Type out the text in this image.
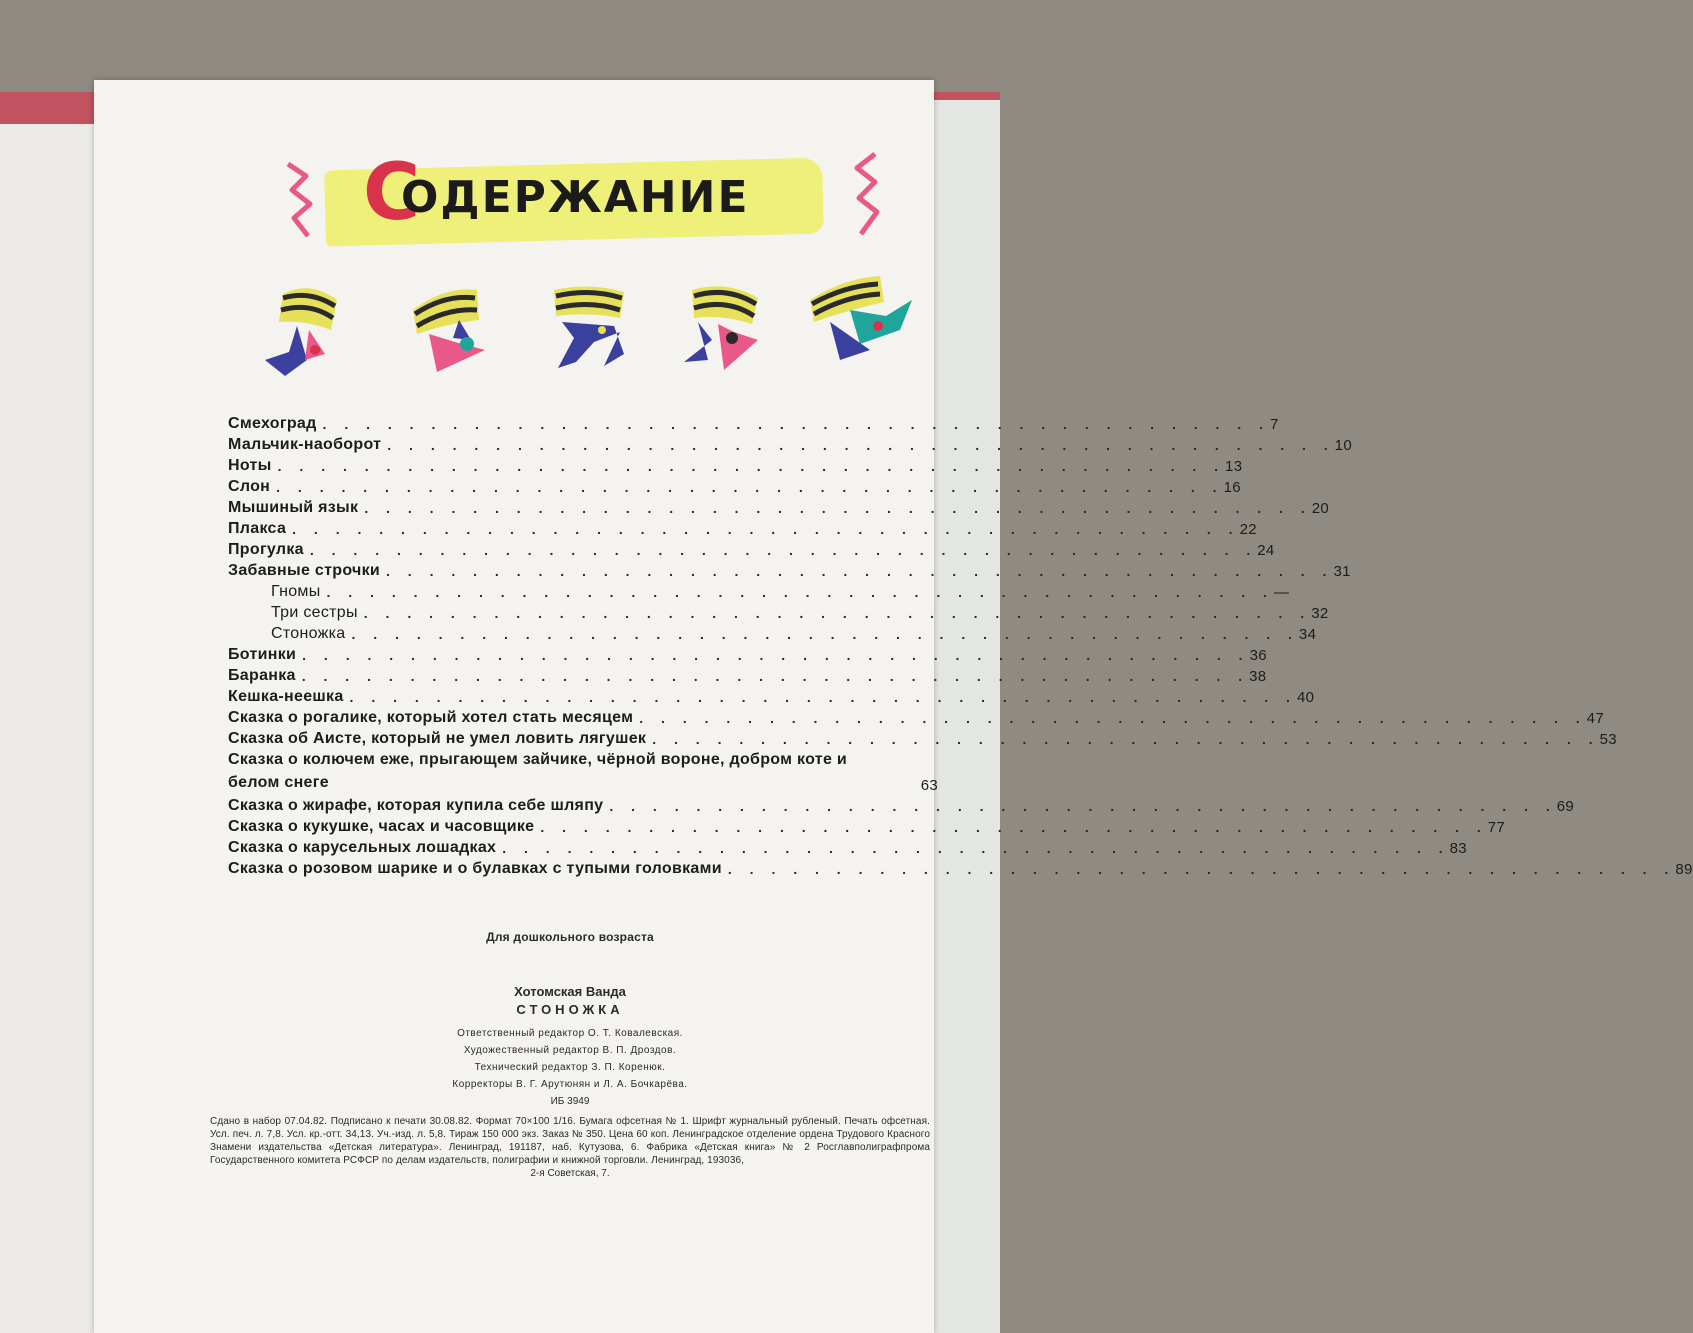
С
ОДЕРЖАНИЕ
Смехоград . . . . . . . . . . . . . . . . . . . . . . . . . . . . . . . . . . . . . . . . . . . . 7
Мальчик-наоборот . . . . . . . . . . . . . . . . . . . . . . . . . . . . . . . . . . . . . . . . . . . . 10
Ноты . . . . . . . . . . . . . . . . . . . . . . . . . . . . . . . . . . . . . . . . . . . . 13
Слон . . . . . . . . . . . . . . . . . . . . . . . . . . . . . . . . . . . . . . . . . . . . 16
Мышиный язык . . . . . . . . . . . . . . . . . . . . . . . . . . . . . . . . . . . . . . . . . . . . 20
Плакса . . . . . . . . . . . . . . . . . . . . . . . . . . . . . . . . . . . . . . . . . . . . 22
Прогулка . . . . . . . . . . . . . . . . . . . . . . . . . . . . . . . . . . . . . . . . . . . . 24
Забавные строчки . . . . . . . . . . . . . . . . . . . . . . . . . . . . . . . . . . . . . . . . . . . . 31
Гномы . . . . . . . . . . . . . . . . . . . . . . . . . . . . . . . . . . . . . . . . . . . . —
Три сестры . . . . . . . . . . . . . . . . . . . . . . . . . . . . . . . . . . . . . . . . . . . . 32
Стоножка . . . . . . . . . . . . . . . . . . . . . . . . . . . . . . . . . . . . . . . . . . . . 34
Ботинки . . . . . . . . . . . . . . . . . . . . . . . . . . . . . . . . . . . . . . . . . . . . 36
Баранка . . . . . . . . . . . . . . . . . . . . . . . . . . . . . . . . . . . . . . . . . . . . 38
Кешка-неешка . . . . . . . . . . . . . . . . . . . . . . . . . . . . . . . . . . . . . . . . . . . . 40
Сказка о рогалике, который хотел стать месяцем . . . . . . . . . . . . . . . . . . . . . . . . . . . . . . . . . . . . . . . . . . . . 47
Сказка об Аисте, который не умел ловить лягушек . . . . . . . . . . . . . . . . . . . . . . . . . . . . . . . . . . . . . . . . . . . . 53
Сказка о колючем еже, прыгающем зайчике, чёрной вороне, добром коте и белом снеге	63
Сказка о жирафе, которая купила себе шляпу . . . . . . . . . . . . . . . . . . . . . . . . . . . . . . . . . . . . . . . . . . . . 69
Сказка о кукушке, часах и часовщике . . . . . . . . . . . . . . . . . . . . . . . . . . . . . . . . . . . . . . . . . . . . 77
Сказка о карусельных лошадках . . . . . . . . . . . . . . . . . . . . . . . . . . . . . . . . . . . . . . . . . . . . 83
Сказка о розовом шарике и о булавках с тупыми головками . . . . . . . . . . . . . . . . . . . . . . . . . . . . . . . . . . . . . . . . . . . . 89
Для дошкольного возраста
Хотомская Ванда
СТОНОЖКА
Ответственный редактор О. Т. Ковалевская.
Художественный редактор В. П. Дроздов.
Технический редактор З. П. Коренюк.
Корректоры В. Г. Арутюнян и Л. А. Бочкарёва.
ИБ 3949
Сдано в набор 07.04.82. Подписано к печати 30.08.82. Формат 70×100 1/16. Бумага офсетная № 1. Шрифт журнальный рубленый. Печать офсетная. Усл. печ. л. 7,8. Усл. кр.-отт. 34,13. Уч.-изд. л. 5,8. Тираж 150 000 экз. Заказ № 350. Цена 60 коп. Ленинградское отделение ордена Трудового Красного Знамени издательства «Детская литература». Ленинград, 191187, наб. Кутузова, 6. Фабрика «Детская книга» № 2 Росглавполиграфпрома Государственного комитета РСФСР по делам издательств, полиграфии и книжной торговли. Ленинград, 193036,
2-я Советская, 7.
